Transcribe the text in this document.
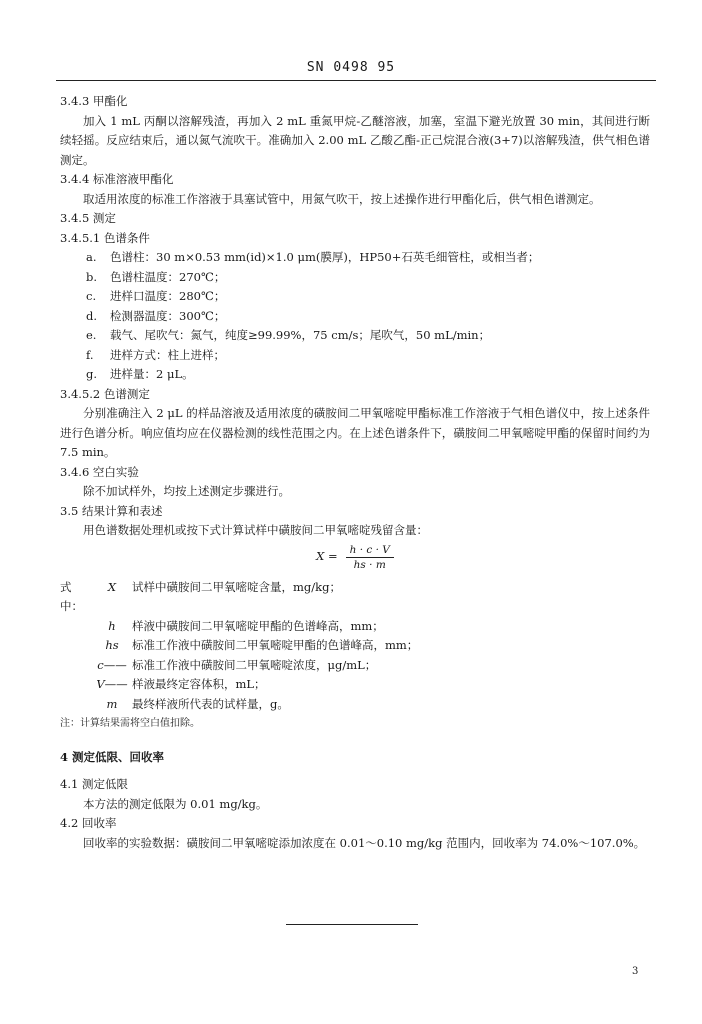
SN 0498 95

3.4.3 甲酯化

加入 1 mL 丙酮以溶解残渣，再加入 2 mL 重氮甲烷-乙醚溶液，加塞，室温下避光放置 30 min，其间进行断续轻摇。反应结束后，通以氮气流吹干。准确加入 2.00 mL 乙酸乙酯-正己烷混合液(3+7)以溶解残渣，供气相色谱测定。

3.4.4 标准溶液甲酯化

取适用浓度的标准工作溶液于具塞试管中，用氮气吹干，按上述操作进行甲酯化后，供气相色谱测定。

3.4.5 测定

3.4.5.1 色谱条件

a.	色谱柱：30 m×0.53 mm(id)×1.0 μm(膜厚)，HP50+石英毛细管柱，或相当者；
b.	色谱柱温度：270℃；
c.	进样口温度：280℃；
d.	检测器温度：300℃；
e.	载气、尾吹气：氮气，纯度≥99.99%，75 cm/s；尾吹气，50 mL/min；
f.	进样方式：柱上进样；
g.	进样量：2 μL。

3.4.5.2 色谱测定

分别准确注入 2 μL 的样品溶液及适用浓度的磺胺间二甲氧嘧啶甲酯标准工作溶液于气相色谱仪中，按上述条件进行色谱分析。响应值均应在仪器检测的线性范围之内。在上述色谱条件下，磺胺间二甲氧嘧啶甲酯的保留时间约为 7.5 min。

3.4.6 空白实验

除不加试样外，均按上述测定步骤进行。

3.5 结果计算和表述

用色谱数据处理机或按下式计算试样中磺胺间二甲氧嘧啶残留含量：

$X = \frac{h \cdot c \cdot V}{hs \cdot m}$
式中：
X	试样中磺胺间二甲氧嘧啶含量，mg/kg；
h	样液中磺胺间二甲氧嘧啶甲酯的色谱峰高，mm；
hs	标准工作液中磺胺间二甲氧嘧啶甲酯的色谱峰高，mm；
c—— 标准工作液中磺胺间二甲氧嘧啶浓度，μg/mL；
V—— 样液最终定容体积，mL；
m	最终样液所代表的试样量，g。

注：计算结果需将空白值扣除。

4 测定低限、回收率

4.1 测定低限

本方法的测定低限为 0.01 mg/kg。

4.2 回收率

回收率的实验数据：磺胺间二甲氧嘧啶添加浓度在 0.01～0.10 mg/kg 范围内，回收率为 74.0%～107.0%。

3
